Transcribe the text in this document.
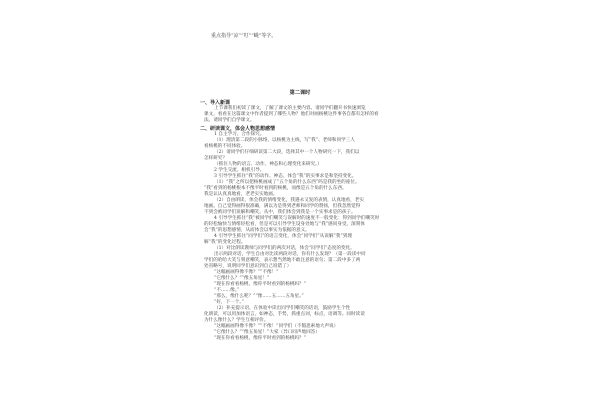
重点指导“凉”“叮”“蝇”等字。
第二课时
一、导入新课
上节课我们初读了课文，了解了课文的主要内容。请同学们翻开书快速浏览
课文，看看在这篇课文中作者提到了哪些人物？他们对画杨桃这件事各自都有怎样的看
法。请同学们自学课文。
二、研读课文，体会人物思想感情
1 自主学习，合作探究。
（1）理清第二段的小脉络，以杨桃为主线，写“我”、老师和同学三人
看杨桃的不同体验。
（2）请同学们仔细研读第二大段，选择其中一个人物研究一下，我们以
怎样研究？
（抓住人物的语言、动作、神态和心理变化来研究。）
2 学生交流，相机引导。
3 引导学生抓住“我”的动作、神态、体会“我”的实事求是和坚持变化。
（1）“我”之所以把杨桃画成了“五个角的什么东西”吗是我的坐的座位。
“我”看到的杨桃根本不像平时看到的杨桃，而像是五个角的什么东西。
我是认认真真地看，老老实实地画。
（2）自由朗读，体会我的情绪变化，我遇永又复的表情，认真地看，老实
地画。自己觉得画得很准确，满以为是得到老师和同学的赞扬，但我忽然觉得
不到会被同学们误解和嘲笑。从中，我们体会到我是一个实事求是的孩子。
4 引导学生抓住“我”被同学们嘲笑与误解时的速度不一般变化：得到同学们嘲笑时
的轻松愉快与情绪轻松看，但是可以引导学生设身处地与“我”感同身受。深刻体
会“我”的思想感情，从而体会以事实为依据的意义。
4 引导学生抓住“同学们”的语言变化，体会“同学们”从误解“我”到理
解“我”的变化过程。
（1）对比朗读教师与同学们的两次对话，体会“同学们”态度的变化。
出示两段对话，学生自由对比读两段对话，你有什么发现？（第一段读中同
学们的哈哈大笑与刻意嘲笑，表示想当然地不敢注意的语句；第二段中多了两
处省略号，说明同学们意识到自己说错了）
“这幅画画得像不像？”“不像！”
“它像什么？”“像五角星！”
“现在你看看杨桃，像你平时看到的杨桃吗？”
“不……像。”
“那么，像什么呢？”“像……五……五角星。”
“好，下一个。”
（2）补充提示语，在体验中读出同学们嘲笑的话语，鼓励学生个性
化朗读，可以用加体语言，如神态，手势，抓重点词，标点，语调等。同时读读
为什么像什么？学生互相评价。
“这幅画画得像不像？”“不像！”同学们（不假思索地大声说）
“它像什么？”“像五角星！”大家（异口同声地回答）
“现在你看看杨桃，像你平时看到的杨桃吗？”
